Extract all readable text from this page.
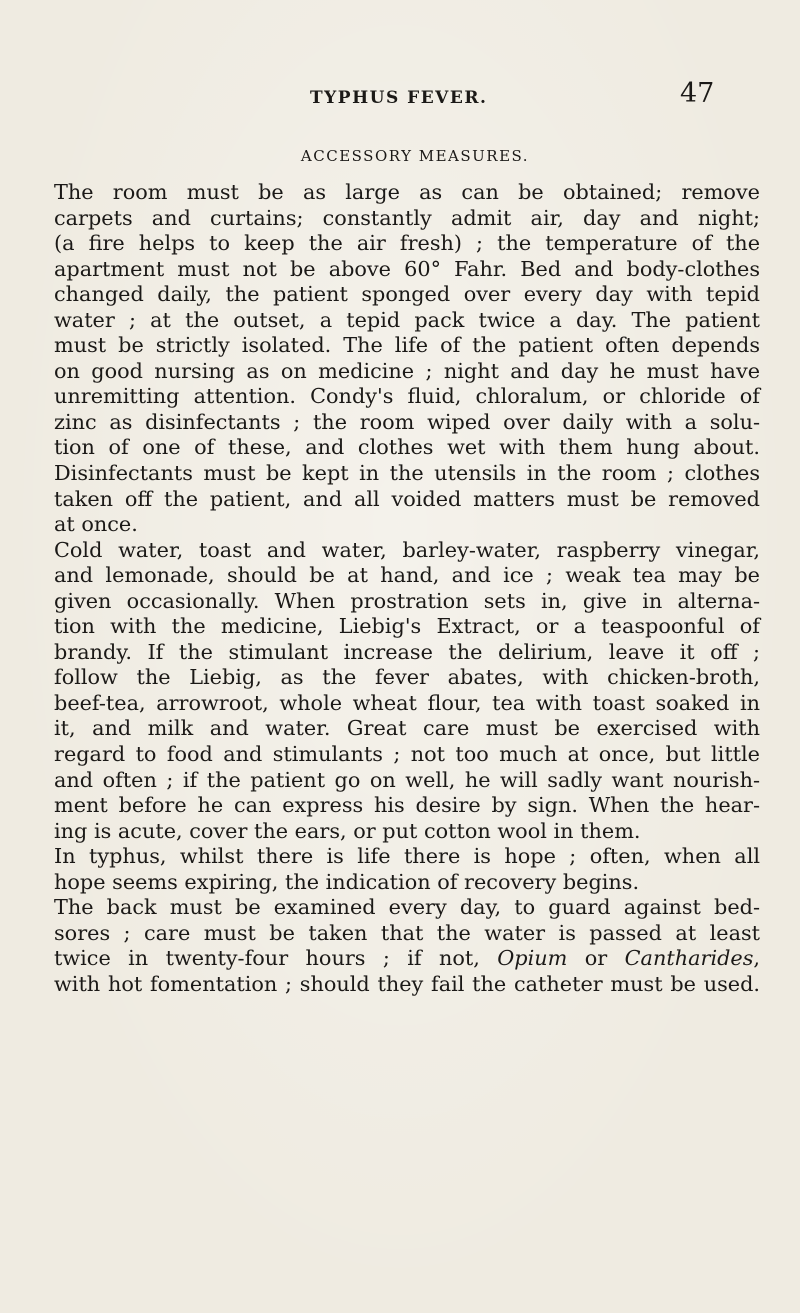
TYPHUS FEVER.	47
ACCESSORY MEASURES.
The room must be as large as can be obtained; remove
carpets and curtains; constantly admit air, day and night;
(a fire helps to keep the air fresh) ; the temperature of the
apartment must not be above 60° Fahr. Bed and body-clothes
changed daily, the patient sponged over every day with tepid
water ; at the outset, a tepid pack twice a day. The patient
must be strictly isolated. The life of the patient often depends
on good nursing as on medicine ; night and day he must have
unremitting attention. Condy's fluid, chloralum, or chloride of
zinc as disinfectants ; the room wiped over daily with a solu-
tion of one of these, and clothes wet with them hung about.
Disinfectants must be kept in the utensils in the room ; clothes
taken off the patient, and all voided matters must be removed
at once.
Cold water, toast and water, barley-water, raspberry vinegar,
and lemonade, should be at hand, and ice ; weak tea may be
given occasionally. When prostration sets in, give in alterna-
tion with the medicine, Liebig's Extract, or a teaspoonful of
brandy. If the stimulant increase the delirium, leave it off ;
follow the Liebig, as the fever abates, with chicken-broth,
beef-tea, arrowroot, whole wheat flour, tea with toast soaked in
it, and milk and water. Great care must be exercised with
regard to food and stimulants ; not too much at once, but little
and often ; if the patient go on well, he will sadly want nourish-
ment before he can express his desire by sign. When the hear-
ing is acute, cover the ears, or put cotton wool in them.
In typhus, whilst there is life there is hope ; often, when all
hope seems expiring, the indication of recovery begins.
The back must be examined every day, to guard against bed-
sores ; care must be taken that the water is passed at least
twice in twenty-four hours ; if not, Opium or Cantharides,
with hot fomentation ; should they fail the catheter must be used.
